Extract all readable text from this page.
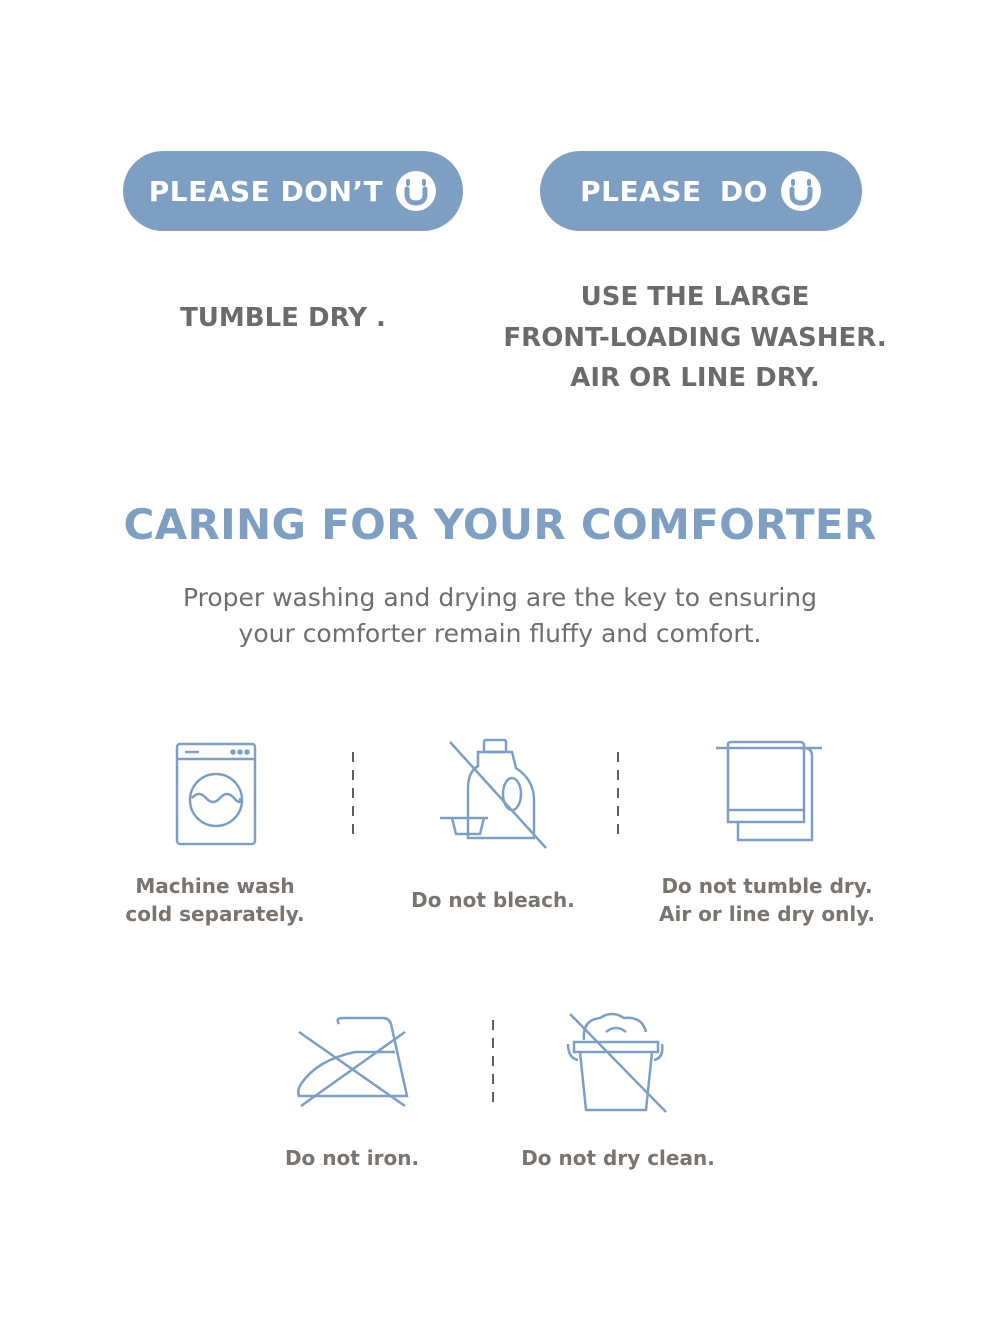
PLEASE DON’T	PLEASE DO
TUMBLE DRY .
USE THE LARGE
FRONT-LOADING WASHER.
AIR OR LINE DRY.
CARING FOR YOUR COMFORTER
Proper washing and drying are the key to ensuring
your comforter remain fluffy and comfort.
Machine wash
cold separately.
Do not bleach.
Do not tumble dry.
Air or line dry only.
Do not iron.	Do not dry clean.
